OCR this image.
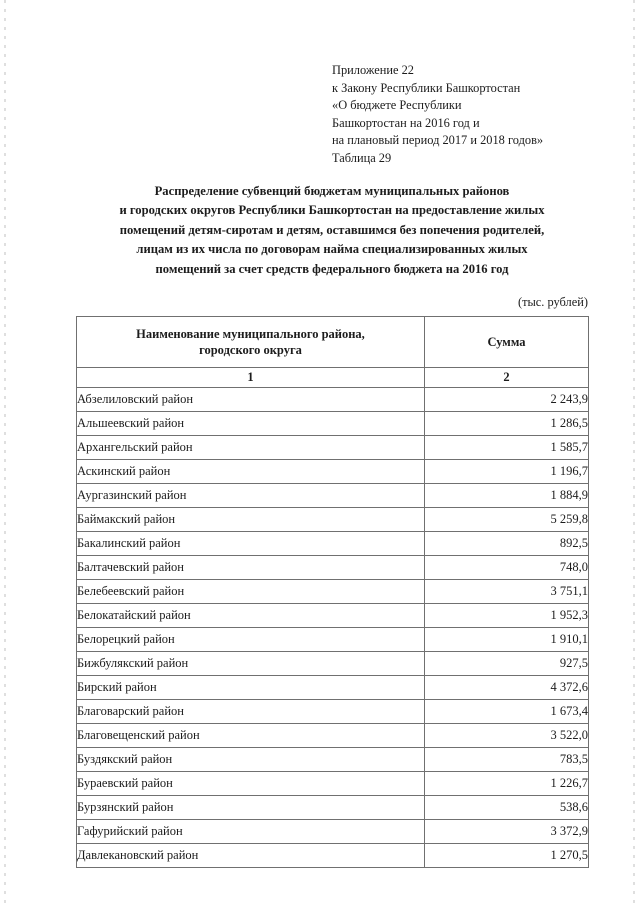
Приложение 22
к Закону Республики Башкортостан
«О бюджете Республики
Башкортостан на 2016 год и
на плановый период 2017 и 2018 годов»
Таблица 29
Распределение субвенций бюджетам муниципальных районов
и городских округов Республики Башкортостан на предоставление жилых
помещений детям-сиротам и детям, оставшимся без попечения родителей,
лицам из их числа по договорам найма специализированных жилых
помещений за счет средств федерального бюджета на 2016 год
(тыс. рублей)
Наименование муниципального района,
городского округа	Сумма
1	2
Абзелиловский район	2 243,9
Альшеевский район	1 286,5
Архангельский район	1 585,7
Аскинский район	1 196,7
Аургазинский район	1 884,9
Баймакский район	5 259,8
Бакалинский район	892,5
Балтачевский район	748,0
Белебеевский район	3 751,1
Белокатайский район	1 952,3
Белорецкий район	1 910,1
Бижбулякский район	927,5
Бирский район	4 372,6
Благоварский район	1 673,4
Благовещенский район	3 522,0
Буздякский район	783,5
Бураевский район	1 226,7
Бурзянский район	538,6
Гафурийский район	3 372,9
Давлекановский район	1 270,5
